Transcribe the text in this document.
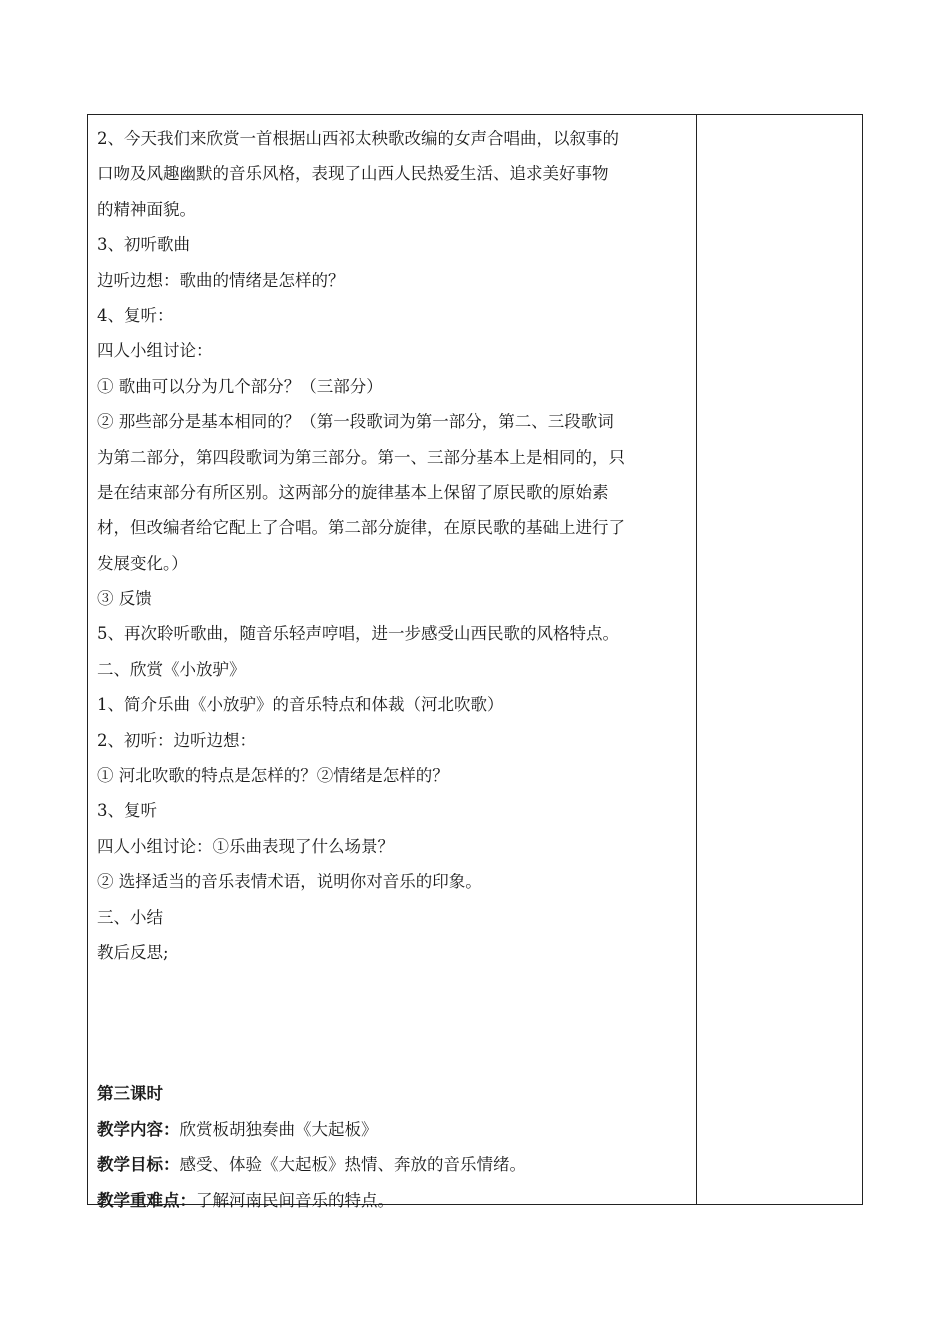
2、今天我们来欣赏一首根据山西祁太秧歌改编的女声合唱曲，以叙事的
口吻及风趣幽默的音乐风格，表现了山西人民热爱生活、追求美好事物
的精神面貌。
3、初听歌曲
边听边想：歌曲的情绪是怎样的？
4、复听：
四人小组讨论：
① 歌曲可以分为几个部分？（三部分）
② 那些部分是基本相同的？（第一段歌词为第一部分，第二、三段歌词
为第二部分，第四段歌词为第三部分。第一、三部分基本上是相同的，只
是在结束部分有所区别。这两部分的旋律基本上保留了原民歌的原始素
材，但改编者给它配上了合唱。第二部分旋律，在原民歌的基础上进行了
发展变化。）
③ 反馈
5、再次聆听歌曲，随音乐轻声哼唱，进一步感受山西民歌的风格特点。
二、欣赏《小放驴》
1、简介乐曲《小放驴》的音乐特点和体裁（河北吹歌）
2、初听：边听边想：
① 河北吹歌的特点是怎样的？②情绪是怎样的？
3、复听
四人小组讨论：①乐曲表现了什么场景？
② 选择适当的音乐表情术语，说明你对音乐的印象。
三、小结
教后反思;
第三课时
教学内容：欣赏板胡独奏曲《大起板》
教学目标：感受、体验《大起板》热情、奔放的音乐情绪。
教学重难点：了解河南民间音乐的特点。
